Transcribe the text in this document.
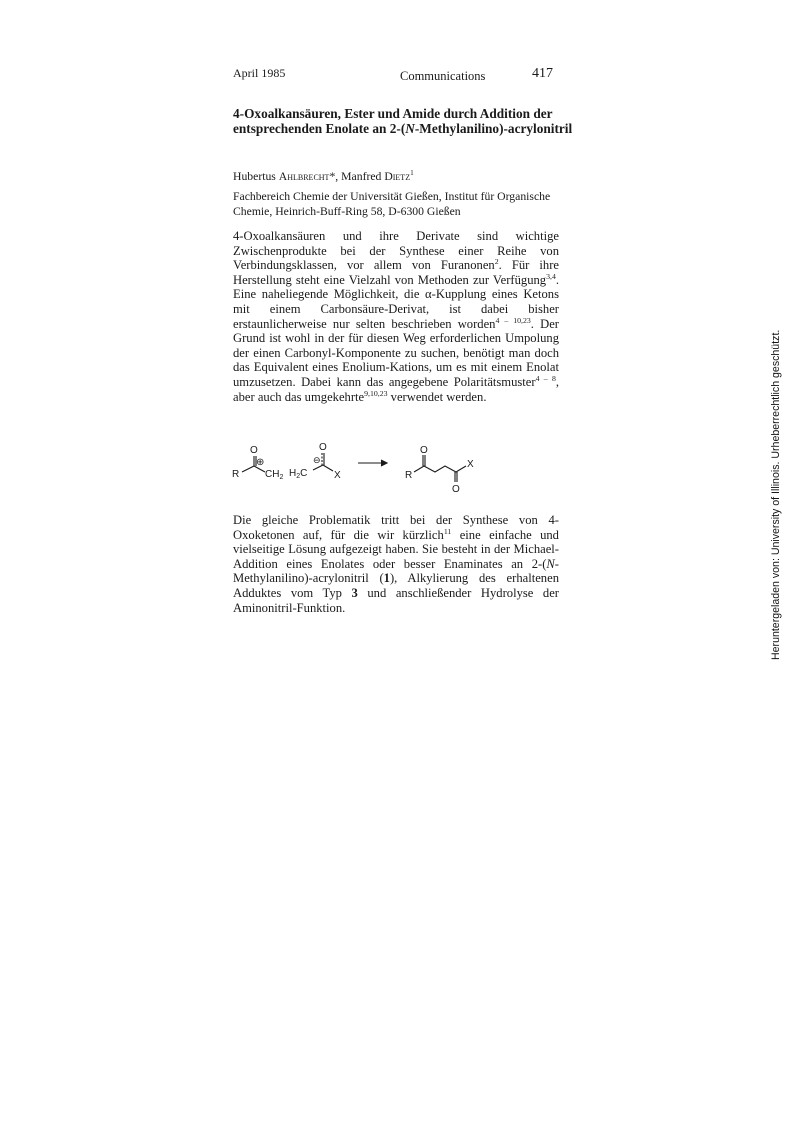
April 1985	Communications	417
4-Oxoalkansäuren, Ester und Amide durch Addition der entsprechenden Enolate an 2-(N-Methylanilino)-acrylonitril
Hubertus Ahlbrecht*, Manfred Dietz$^1$
Fachbereich Chemie der Universität Gießen, Institut für Organische Chemie, Heinrich-Buff-Ring 58, D-6300 Gießen
4-Oxoalkansäuren und ihre Derivate sind wichtige Zwischenprodukte bei der Synthese einer Reihe von Verbindungsklassen, vor allem von Furanonen$^2$. Für ihre Herstellung steht eine Vielzahl von Methoden zur Verfügung$^{3,4}$. Eine naheliegende Möglichkeit, die α-Kupplung eines Ketons mit einem Carbonsäure-Derivat, ist dabei bisher erstaunlicherweise nur selten beschrieben worden$^{4 - 10,23}$. Der Grund ist wohl in der für diesen Weg erforderlichen Umpolung der einen Carbonyl-Komponente zu suchen, benötigt man doch das Equivalent eines Enolium-Kations, um es mit einem Enolat umzusetzen. Dabei kann das angegebene Polaritätsmuster$^{4 - 8}$, aber auch das umgekehrte$^{9,10,23}$ verwendet werden.
O
R
⊕
$CH_2$
O
⊖
$H_2C$	X
O
R
X
O
Die gleiche Problematik tritt bei der Synthese von 4-Oxoketonen auf, für die wir kürzlich$^{11}$ eine einfache und vielseitige Lösung aufgezeigt haben. Sie besteht in der Michael-Addition eines Enolates oder besser Enaminates an 2-(N-Methylanilino)-acrylonitril (1), Alkylierung des erhaltenen Adduktes vom Typ 3 und anschließender Hydrolyse der Aminonitril-Funktion.	Heruntergeladen von: University of Illinois. Urheberrechtlich geschützt.
